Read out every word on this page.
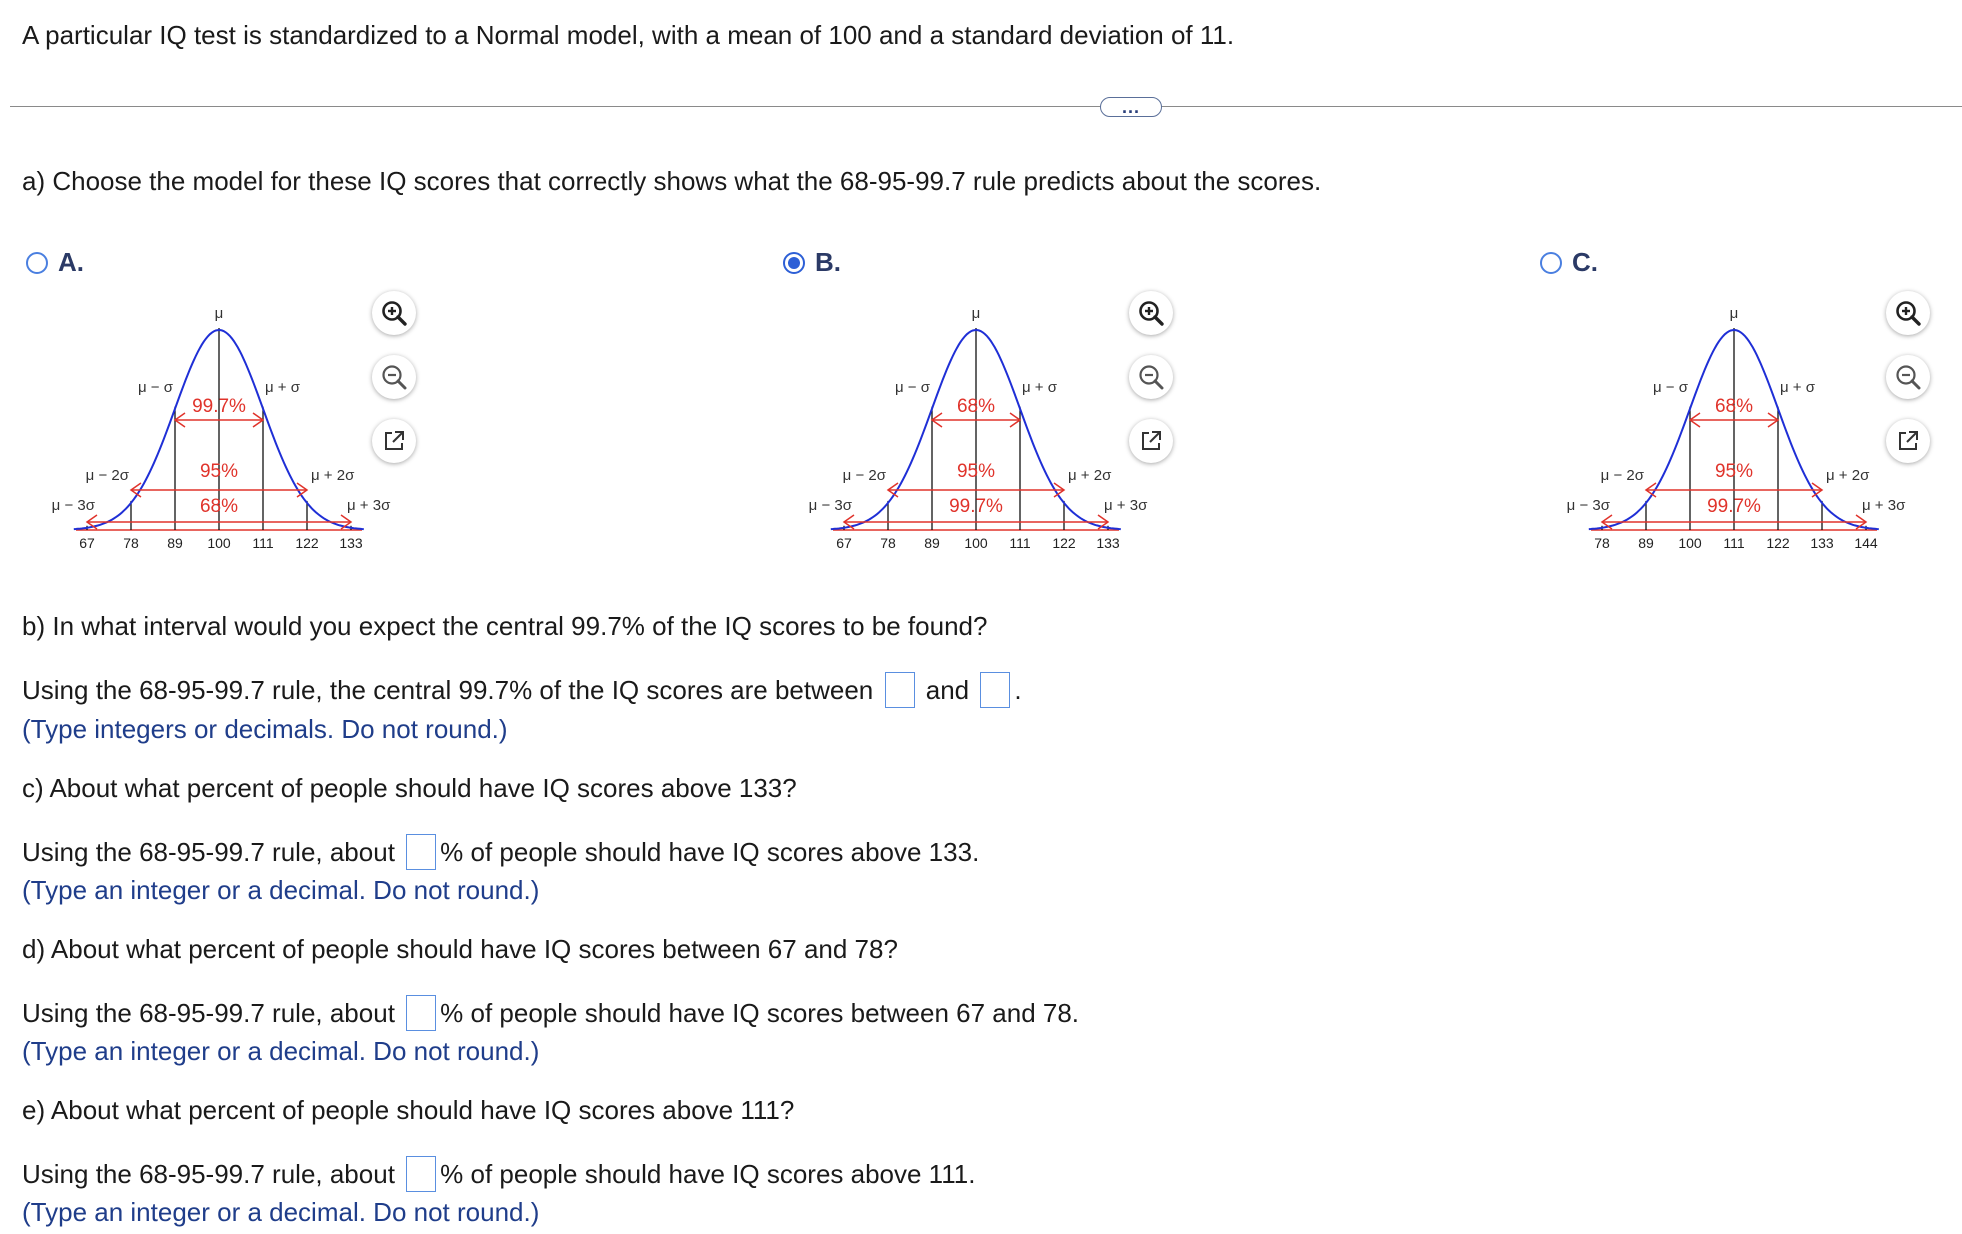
A particular IQ test is standardized to a Normal model, with a mean of 100 and a standard deviation of 11.
...
a) Choose the model for these IQ scores that correctly shows what the 68-95-99.7 rule predicts about the scores.
A.
99.7%
95%
68%
μ
μ − σ	μ + σ
μ − 2σ	μ + 2σ
μ − 3σ	μ + 3σ
67 78 89 100 111 122 133
B.
68%
95%
99.7%
μ
μ − σ	μ + σ
μ − 2σ	μ + 2σ
μ − 3σ	μ + 3σ
67 78 89 100 111 122 133
C.
68%
95%
99.7%
μ
μ − σ	μ + σ
μ − 2σ	μ + 2σ
μ − 3σ	μ + 3σ
78 89 100 111 122 133 144
b) In what interval would you expect the central 99.7% of the IQ scores to be found?
Using the 68-95-99.7 rule, the central 99.7% of the IQ scores are between and .
(Type integers or decimals. Do not round.)
c) About what percent of people should have IQ scores above 133?
Using the 68-95-99.7 rule, about % of people should have IQ scores above 133.
(Type an integer or a decimal. Do not round.)
d) About what percent of people should have IQ scores between 67 and 78?
Using the 68-95-99.7 rule, about % of people should have IQ scores between 67 and 78.
(Type an integer or a decimal. Do not round.)
e) About what percent of people should have IQ scores above 111?
Using the 68-95-99.7 rule, about % of people should have IQ scores above 111.
(Type an integer or a decimal. Do not round.)
